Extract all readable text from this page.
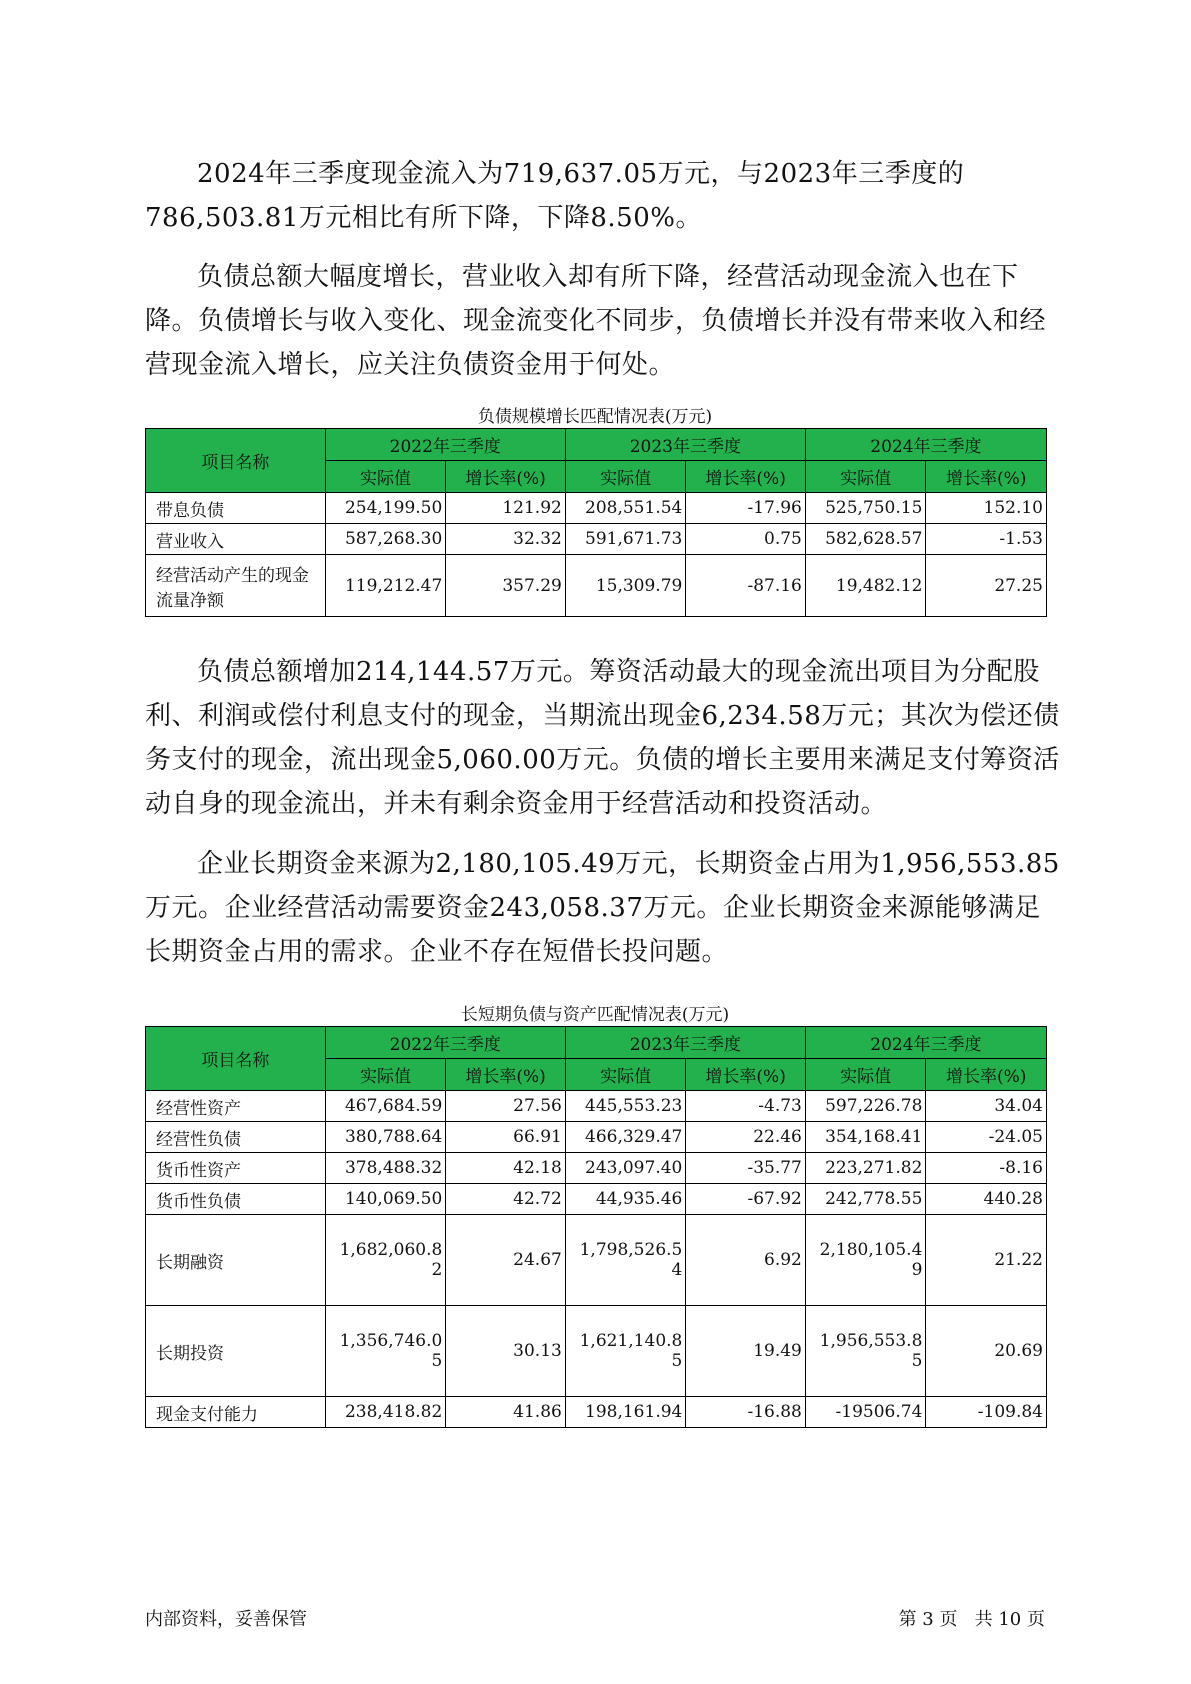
2024年三季度现金流入为719,637.05万元，与2023年三季度的786,503.81万元相比有所下降，下降8.50%。

负债总额大幅度增长，营业收入却有所下降，经营活动现金流入也在下降。负债增长与收入变化、现金流变化不同步，负债增长并没有带来收入和经营现金流入增长，应关注负债资金用于何处。

负债规模增长匹配情况表(万元)
项目名称	2022年三季度		2023年三季度		2024年三季度	
	实际值	增长率(%)	实际值	增长率(%)	实际值	增长率(%)
带息负债	254,199.50	121.92	208,551.54	-17.96	525,750.15	152.10
营业收入	587,268.30	32.32	591,671.73	0.75	582,628.57	-1.53
经营活动产生的现金流量净额	119,212.47	357.29	15,309.79	-87.16	19,482.12	27.25

负债总额增加214,144.57万元。筹资活动最大的现金流出项目为分配股利、利润或偿付利息支付的现金，当期流出现金6,234.58万元；其次为偿还债务支付的现金，流出现金5,060.00万元。负债的增长主要用来满足支付筹资活动自身的现金流出，并未有剩余资金用于经营活动和投资活动。

企业长期资金来源为2,180,105.49万元，长期资金占用为1,956,553.85万元。企业经营活动需要资金243,058.37万元。企业长期资金来源能够满足长期资金占用的需求。企业不存在短借长投问题。

长短期负债与资产匹配情况表(万元)
项目名称	2022年三季度		2023年三季度		2024年三季度	
	实际值	增长率(%)	实际值	增长率(%)	实际值	增长率(%)
经营性资产	467,684.59	27.56	445,553.23	-4.73	597,226.78	34.04
经营性负债	380,788.64	66.91	466,329.47	22.46	354,168.41	-24.05
货币性资产	378,488.32	42.18	243,097.40	-35.77	223,271.82	-8.16
货币性负债	140,069.50	42.72	44,935.46	-67.92	242,778.55	440.28
长期融资	1,682,060.82	24.67	1,798,526.54	6.92	2,180,105.49	21.22
长期投资	1,356,746.05	30.13	1,621,140.85	19.49	1,956,553.85	20.69
现金支付能力	238,418.82	41.86	198,161.94	-16.88	-19506.74	-109.84
内部资料，妥善保管	第 3 页   共 10 页
